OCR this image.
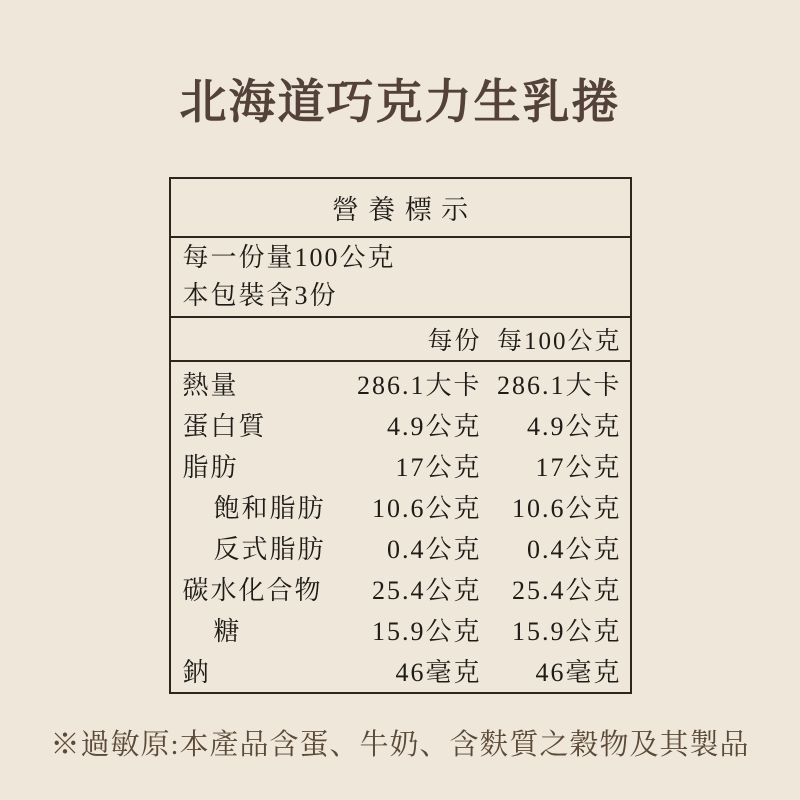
北海道巧克力生乳捲
營養標示
每一份量100公克
本包裝含3份
每份 每100公克
熱量	286.1大卡 286.1大卡
蛋白質	4.9公克	4.9公克
脂肪	17公克	17公克
飽和脂肪	10.6公克	10.6公克
反式脂肪	0.4公克	0.4公克
碳水化合物	25.4公克	25.4公克
糖	15.9公克	15.9公克
鈉	46毫克	46毫克
※過敏原:本產品含蛋、牛奶、含麩質之穀物及其製品
